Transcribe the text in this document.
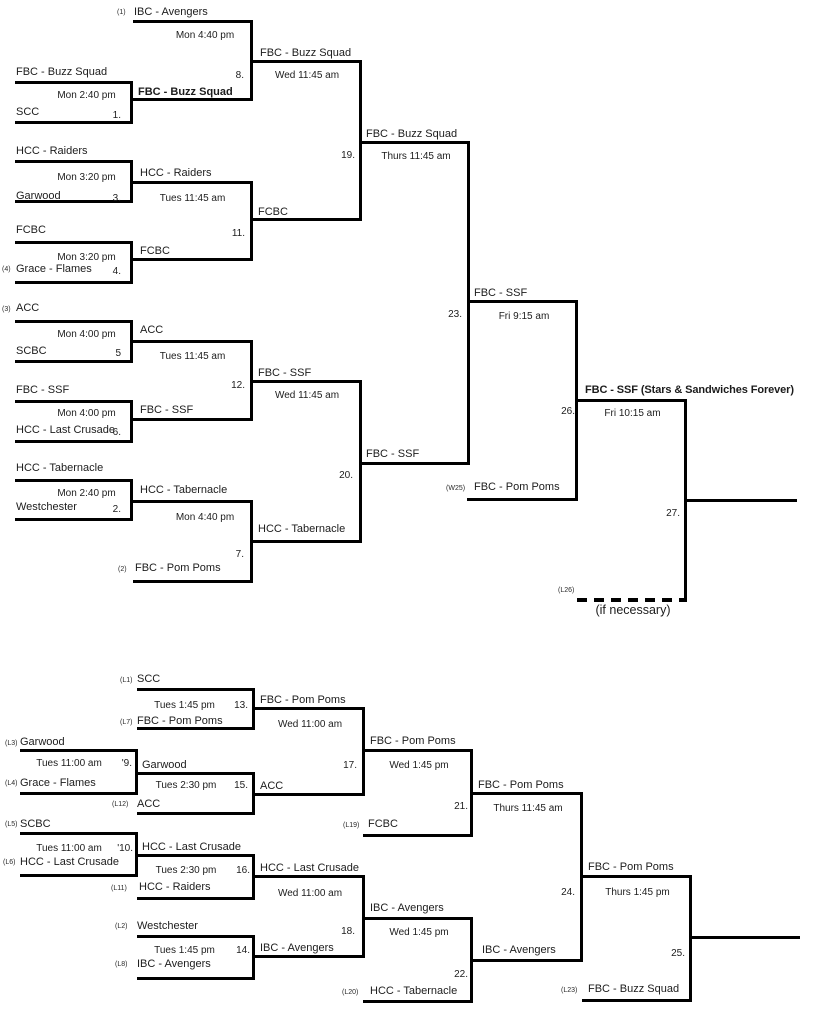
(1) IBC - Avengers
Mon 4:40 pm
8.
FBC - Buzz Squad
Mon 2:40 pm
SCC	1.
FBC - Buzz Squad
FBC - Buzz Squad
Wed 11:45 am
HCC - Raiders
Mon 3:20 pm
Garwood	3.
HCC - Raiders
Tues 11:45 am
11.
FCBC
Mon 3:20 pm
(4) Grace - Flames	4.
FCBC
FCBC
19.
FBC - Buzz Squad
Thurs 11:45 am
(3) ACC
Mon 4:00 pm
SCBC	5
ACC
Tues 11:45 am
12.
FBC - SSF
Mon 4:00 pm
HCC - Last Crusade
6.
FBC - SSF
FBC - SSF
Wed 11:45 am
20.
FBC - SSF
HCC - Tabernacle
Mon 2:40 pm
Westchester	2.
HCC - Tabernacle
Mon 4:40 pm
7.
(2) FBC - Pom Poms
HCC - Tabernacle
23.
FBC - SSF
Fri 9:15 am
(W25) FBC - Pom Poms
26.
FBC - SSF (Stars & Sandwiches Forever)
Fri 10:15 am
27.
(L26)
(if necessary)
(L1) SCC
Tues 1:45 pm	13.
(L7) FBC - Pom Poms
FBC - Pom Poms
Wed 11:00 am
(L3) Garwood
Tues 11:00 am	'9.
(L4) Grace - Flames
Garwood
Tues 2:30 pm	15.
(L12) ACC
ACC
17.
FBC - Pom Poms
Wed 1:45 pm
(L19) FCBC
21.
FBC - Pom Poms
Thurs 11:45 am
(L5) SCBC
Tues 11:00 am	'10.
(L6) HCC - Last Crusade
HCC - Last Crusade
Tues 2:30 pm	16.
(L11) HCC - Raiders
HCC - Last Crusade
Wed 11:00 am
18.
(L2) Westchester
Tues 1:45 pm	14.
(L8) IBC - Avengers
IBC - Avengers
IBC - Avengers
Wed 1:45 pm
22.
(L20) HCC - Tabernacle
IBC - Avengers
24.
FBC - Pom Poms
Thurs 1:45 pm
(L23) FBC - Buzz Squad
25.
